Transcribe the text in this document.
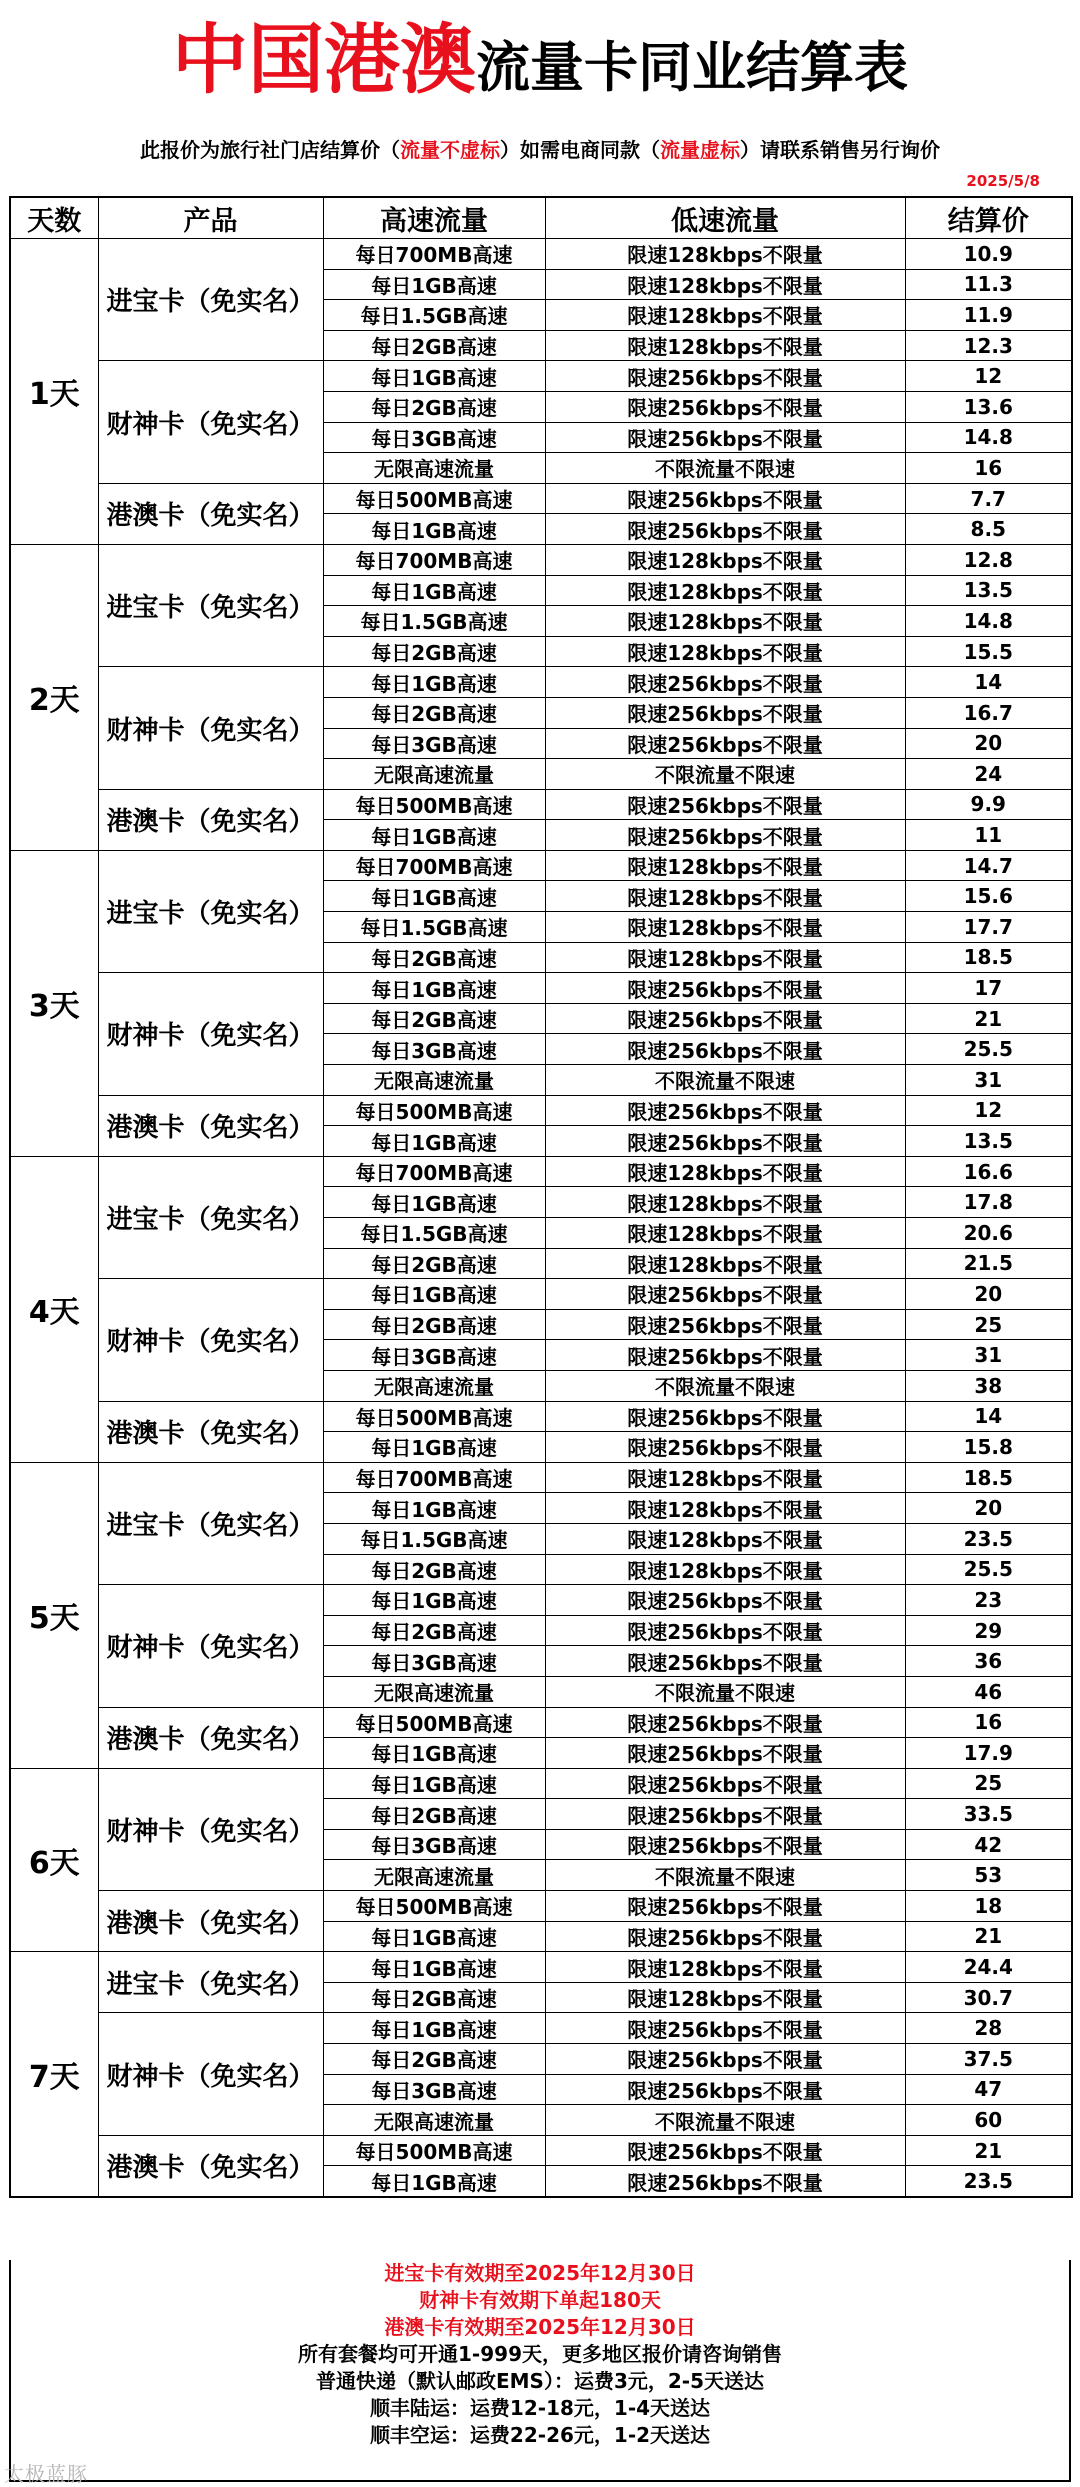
中国港澳流量卡同业结算表
此报价为旅行社门店结算价（流量不虚标）如需电商同款（流量虚标）请联系销售另行询价
2025/5/8
天数	产品	高速流量	低速流量	结算价
1天	进宝卡（免实名）	每日700MB高速	限速128kbps不限量	10.9
		每日1GB高速	限速128kbps不限量	11.3
		每日1.5GB高速	限速128kbps不限量	11.9
		每日2GB高速	限速128kbps不限量	12.3
	财神卡（免实名）	每日1GB高速	限速256kbps不限量	12
		每日2GB高速	限速256kbps不限量	13.6
		每日3GB高速	限速256kbps不限量	14.8
		无限高速流量	不限流量不限速	16
	港澳卡（免实名）	每日500MB高速	限速256kbps不限量	7.7
		每日1GB高速	限速256kbps不限量	8.5
2天	进宝卡（免实名）	每日700MB高速	限速128kbps不限量	12.8
		每日1GB高速	限速128kbps不限量	13.5
		每日1.5GB高速	限速128kbps不限量	14.8
		每日2GB高速	限速128kbps不限量	15.5
	财神卡（免实名）	每日1GB高速	限速256kbps不限量	14
		每日2GB高速	限速256kbps不限量	16.7
		每日3GB高速	限速256kbps不限量	20
		无限高速流量	不限流量不限速	24
	港澳卡（免实名）	每日500MB高速	限速256kbps不限量	9.9
		每日1GB高速	限速256kbps不限量	11
3天	进宝卡（免实名）	每日700MB高速	限速128kbps不限量	14.7
		每日1GB高速	限速128kbps不限量	15.6
		每日1.5GB高速	限速128kbps不限量	17.7
		每日2GB高速	限速128kbps不限量	18.5
	财神卡（免实名）	每日1GB高速	限速256kbps不限量	17
		每日2GB高速	限速256kbps不限量	21
		每日3GB高速	限速256kbps不限量	25.5
		无限高速流量	不限流量不限速	31
	港澳卡（免实名）	每日500MB高速	限速256kbps不限量	12
		每日1GB高速	限速256kbps不限量	13.5
4天	进宝卡（免实名）	每日700MB高速	限速128kbps不限量	16.6
		每日1GB高速	限速128kbps不限量	17.8
		每日1.5GB高速	限速128kbps不限量	20.6
		每日2GB高速	限速128kbps不限量	21.5
	财神卡（免实名）	每日1GB高速	限速256kbps不限量	20
		每日2GB高速	限速256kbps不限量	25
		每日3GB高速	限速256kbps不限量	31
		无限高速流量	不限流量不限速	38
	港澳卡（免实名）	每日500MB高速	限速256kbps不限量	14
		每日1GB高速	限速256kbps不限量	15.8
5天	进宝卡（免实名）	每日700MB高速	限速128kbps不限量	18.5
		每日1GB高速	限速128kbps不限量	20
		每日1.5GB高速	限速128kbps不限量	23.5
		每日2GB高速	限速128kbps不限量	25.5
	财神卡（免实名）	每日1GB高速	限速256kbps不限量	23
		每日2GB高速	限速256kbps不限量	29
		每日3GB高速	限速256kbps不限量	36
		无限高速流量	不限流量不限速	46
	港澳卡（免实名）	每日500MB高速	限速256kbps不限量	16
		每日1GB高速	限速256kbps不限量	17.9
6天	财神卡（免实名）	每日1GB高速	限速256kbps不限量	25
		每日2GB高速	限速256kbps不限量	33.5
		每日3GB高速	限速256kbps不限量	42
		无限高速流量	不限流量不限速	53
	港澳卡（免实名）	每日500MB高速	限速256kbps不限量	18
		每日1GB高速	限速256kbps不限量	21
7天	进宝卡（免实名）	每日1GB高速	限速128kbps不限量	24.4
		每日2GB高速	限速128kbps不限量	30.7
	财神卡（免实名）	每日1GB高速	限速256kbps不限量	28
		每日2GB高速	限速256kbps不限量	37.5
		每日3GB高速	限速256kbps不限量	47
		无限高速流量	不限流量不限速	60
	港澳卡（免实名）	每日500MB高速	限速256kbps不限量	21
		每日1GB高速	限速256kbps不限量	23.5
进宝卡有效期至2025年12月30日
财神卡有效期下单起180天
港澳卡有效期至2025年12月30日
所有套餐均可开通1-999天，更多地区报价请咨询销售
普通快递（默认邮政EMS）：运费3元，2-5天送达
顺丰陆运：运费12-18元，1-4天送达
顺丰空运：运费22-26元，1-2天送达
太极蓝豚
